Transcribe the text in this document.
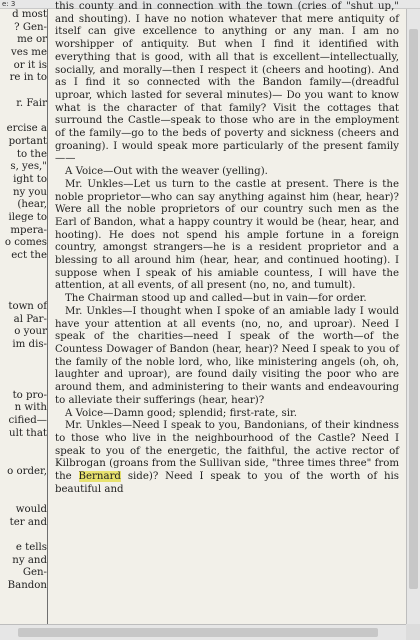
e: 3
d most
? Gen-
me or
ves me
or it is
re in to
r. Fair
ercise a
portant
to the
s, yes,"
ight to
ny you
(hear,
ilege to
mpera-
o comes
ect the
town of
al Par-
o your
im dis-
to pro-
n with
cified—
ult that
o order,
would
ter and
e tells
ny and
Gen-
Bandon

this county and in connection with the town (cries of "shut up," and shouting). I have no notion whatever that mere antiquity of itself can give excellence to anything or any man. I am no worshipper of antiquity. But when I find it identified with everything that is good, with all that is excellent—intellectually, socially, and morally—then I respect it (cheers and hooting). And as I find it so connected with the Bandon family—(dreadful uproar, which lasted for several minutes)— Do you want to know what is the character of that family? Visit the cottages that surround the Castle—speak to those who are in the employment of the family—go to the beds of poverty and sickness (cheers and groaning). I would speak more particularly of the present family——

A Voice—Out with the weaver (yelling).

Mr. Unkles—Let us turn to the castle at present. There is the noble proprietor—who can say anything against him (hear, hear)? Were all the noble proprietors of our country such men as the Earl of Bandon, what a happy country it would be (hear, hear, and hooting). He does not spend his ample fortune in a foreign country, amongst strangers—he is a resident proprietor and a blessing to all around him (hear, hear, and continued hooting). I suppose when I speak of his amiable countess, I will have the attention, at all events, of all present (no, no, and tumult).

The Chairman stood up and called—but in vain—for order.

Mr. Unkles—I thought when I spoke of an amiable lady I would have your attention at all events (no, no, and uproar). Need I speak of the charities—need I speak of the worth—of the Countess Dowager of Bandon (hear, hear)? Need I speak to you of the family of the noble lord, who, like ministering angels (oh, oh, laughter and uproar), are found daily visiting the poor who are around them, and administering to their wants and endeavouring to alleviate their sufferings (hear, hear)?

A Voice—Damn good; splendid; first-rate, sir.

Mr. Unkles—Need I speak to you, Bandonians, of their kindness to those who live in the neighbourhood of the Castle? Need I speak to you of the energetic, the faithful, the active rector of Kilbrogan (groans from the Sullivan side, "three times three" from the Bernard side)? Need I speak to you of the worth of his beautiful and
